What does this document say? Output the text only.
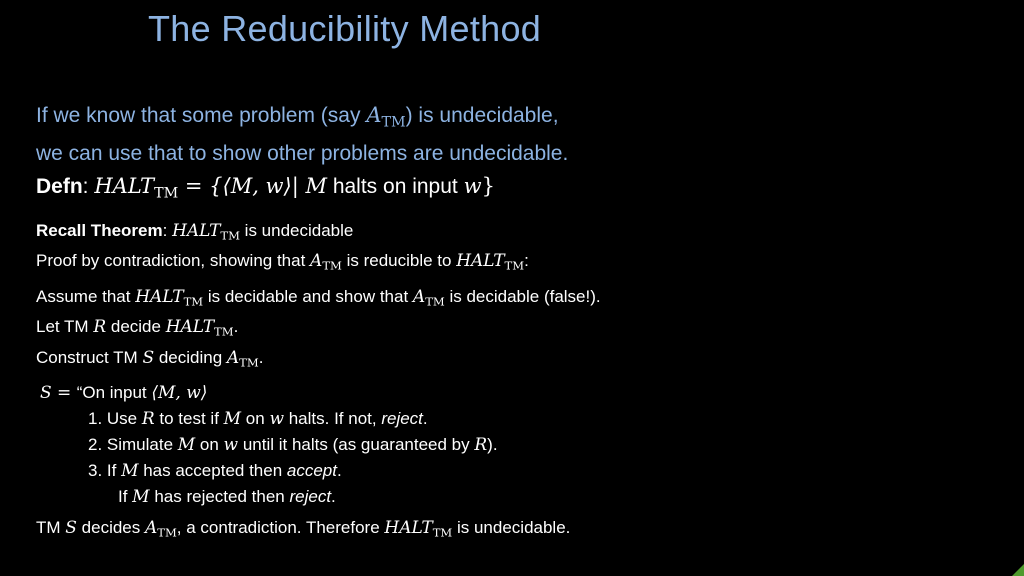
The Reducibility Method
If we know that some problem (say $A_{TM}$) is undecidable,
we can use that to show other problems are undecidable.
Defn: $HALT_{TM}$ = {⟨M, w⟩| M halts on input w}
Recall Theorem: $HALT_{TM}$ is undecidable
Proof by contradiction, showing that $A_{TM}$ is reducible to $HALT_{TM}$:
Assume that $HALT_{TM}$ is decidable and show that $A_{TM}$ is decidable (false!).
Let TM R decide $HALT_{TM}$.
Construct TM S deciding $A_{TM}$.
S = “On input ⟨M, w⟩
1. Use R to test if M on w halts. If not, reject.
2. Simulate M on w until it halts (as guaranteed by R).
3. If M has accepted then accept.
If M has rejected then reject.
TM S decides $A_{TM}$, a contradiction. Therefore $HALT_{TM}$ is undecidable.
